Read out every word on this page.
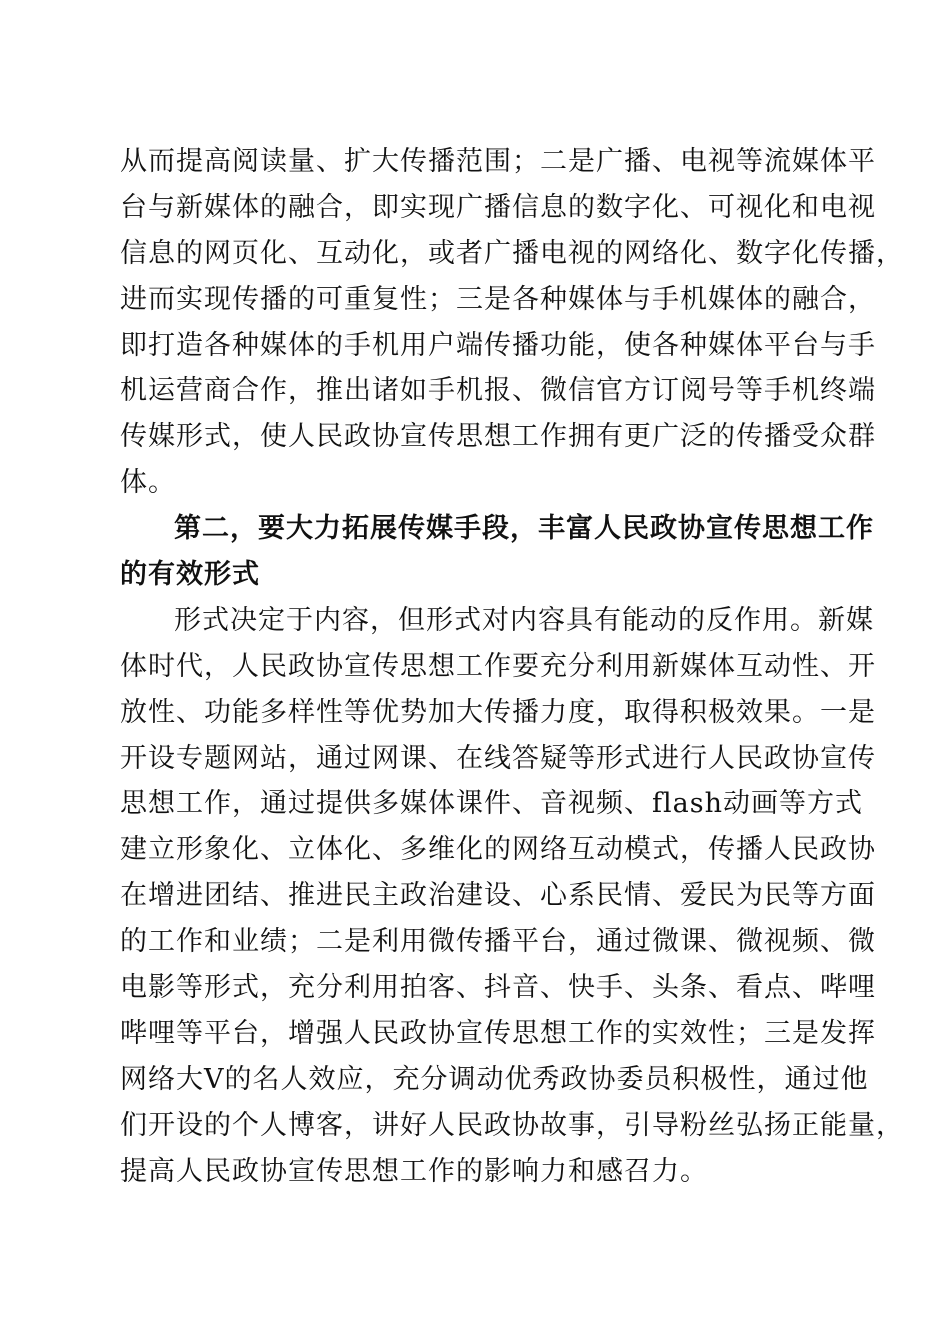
从而提高阅读量、扩大传播范围；二是广播、电视等流媒体平
台与新媒体的融合，即实现广播信息的数字化、可视化和电视
信息的网页化、互动化，或者广播电视的网络化、数字化传播，
进而实现传播的可重复性；三是各种媒体与手机媒体的融合，
即打造各种媒体的手机用户端传播功能，使各种媒体平台与手
机运营商合作，推出诸如手机报、微信官方订阅号等手机终端
传媒形式，使人民政协宣传思想工作拥有更广泛的传播受众群
体。
第二，要大力拓展传媒手段，丰富人民政协宣传思想工作
的有效形式
形式决定于内容，但形式对内容具有能动的反作用。新媒
体时代，人民政协宣传思想工作要充分利用新媒体互动性、开
放性、功能多样性等优势加大传播力度，取得积极效果。一是
开设专题网站，通过网课、在线答疑等形式进行人民政协宣传
思想工作，通过提供多媒体课件、音视频、flash动画等方式
建立形象化、立体化、多维化的网络互动模式，传播人民政协
在增进团结、推进民主政治建设、心系民情、爱民为民等方面
的工作和业绩；二是利用微传播平台，通过微课、微视频、微
电影等形式，充分利用拍客、抖音、快手、头条、看点、哔哩
哔哩等平台，增强人民政协宣传思想工作的实效性；三是发挥
网络大V的名人效应，充分调动优秀政协委员积极性，通过他
们开设的个人博客，讲好人民政协故事，引导粉丝弘扬正能量，
提高人民政协宣传思想工作的影响力和感召力。
